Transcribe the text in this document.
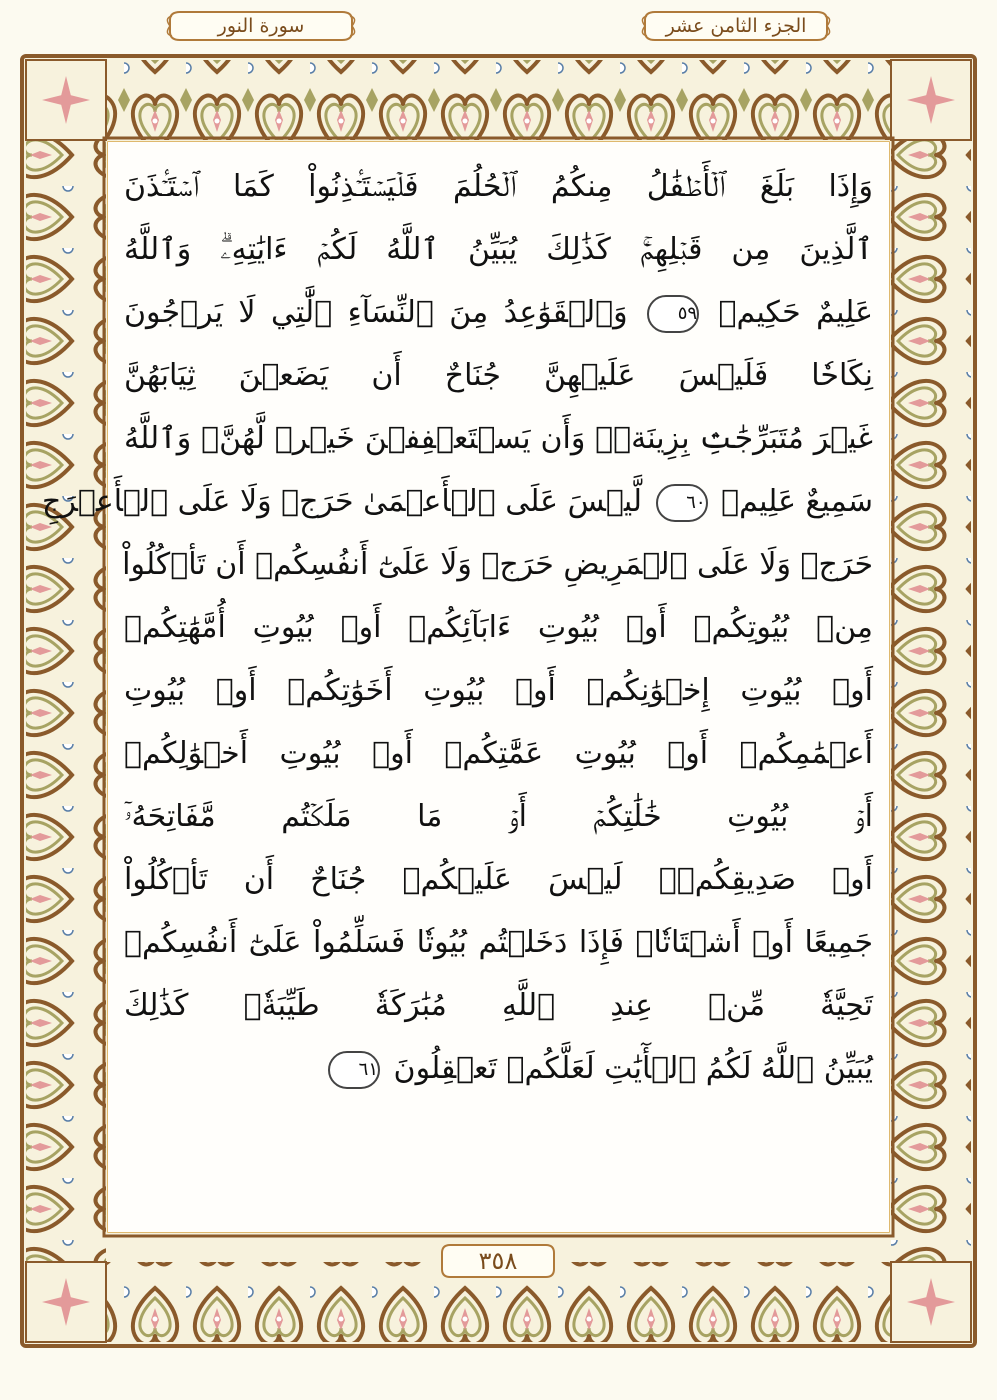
سورة النور	الجزء الثامن عشر
وَإِذَا بَلَغَ ٱلۡأَطۡفَٰلُ مِنكُمُ ٱلۡحُلُمَ فَلۡيَسۡتَـٔۡذِنُواْ كَمَا ٱسۡتَـٔۡذَنَ
ٱلَّذِينَ مِن قَبۡلِهِمۡۚ كَذَٰلِكَ يُبَيِّنُ ٱللَّهُ لَكُمۡ ءَايَٰتِهِۦۗ وَٱللَّهُ
عَلِيمٌ حَكِيمٞ ٥٩ وَٱلۡقَوَٰعِدُ مِنَ ٱلنِّسَآءِ ٱلَّٰتِي لَا يَرۡجُونَ
نِكَاحٗا فَلَيۡسَ عَلَيۡهِنَّ جُنَاحٌ أَن يَضَعۡنَ ثِيَابَهُنَّ
غَيۡرَ مُتَبَرِّجَٰتِۢ بِزِينَةٖۖ وَأَن يَسۡتَعۡفِفۡنَ خَيۡرٞ لَّهُنَّۗ وَٱللَّهُ
سَمِيعٌ عَلِيمٞ ٦٠ لَّيۡسَ عَلَى ٱلۡأَعۡمَىٰ حَرَجٞ وَلَا عَلَى ٱلۡأَعۡرَجِ
حَرَجٞ وَلَا عَلَى ٱلۡمَرِيضِ حَرَجٞ وَلَا عَلَىٰٓ أَنفُسِكُمۡ أَن تَأۡكُلُواْ
مِنۢ بُيُوتِكُمۡ أَوۡ بُيُوتِ ءَابَآئِكُمۡ أَوۡ بُيُوتِ أُمَّهَٰتِكُمۡ
أَوۡ بُيُوتِ إِخۡوَٰنِكُمۡ أَوۡ بُيُوتِ أَخَوَٰتِكُمۡ أَوۡ بُيُوتِ
أَعۡمَٰمِكُمۡ أَوۡ بُيُوتِ عَمَّٰتِكُمۡ أَوۡ بُيُوتِ أَخۡوَٰلِكُمۡ
أَوۡ بُيُوتِ خَٰلَٰتِكُمۡ أَوۡ مَا مَلَكۡتُم مَّفَاتِحَهُۥٓ
أَوۡ صَدِيقِكُمۡۚ لَيۡسَ عَلَيۡكُمۡ جُنَاحٌ أَن تَأۡكُلُواْ
جَمِيعًا أَوۡ أَشۡتَاتٗاۚ فَإِذَا دَخَلۡتُم بُيُوتٗا فَسَلِّمُواْ عَلَىٰٓ أَنفُسِكُمۡ
تَحِيَّةٗ مِّنۡ عِندِ ٱللَّهِ مُبَٰرَكَةٗ طَيِّبَةٗۚ كَذَٰلِكَ
يُبَيِّنُ ٱللَّهُ لَكُمُ ٱلۡأٓيَٰتِ لَعَلَّكُمۡ تَعۡقِلُونَ ٦١
٣٥٨
